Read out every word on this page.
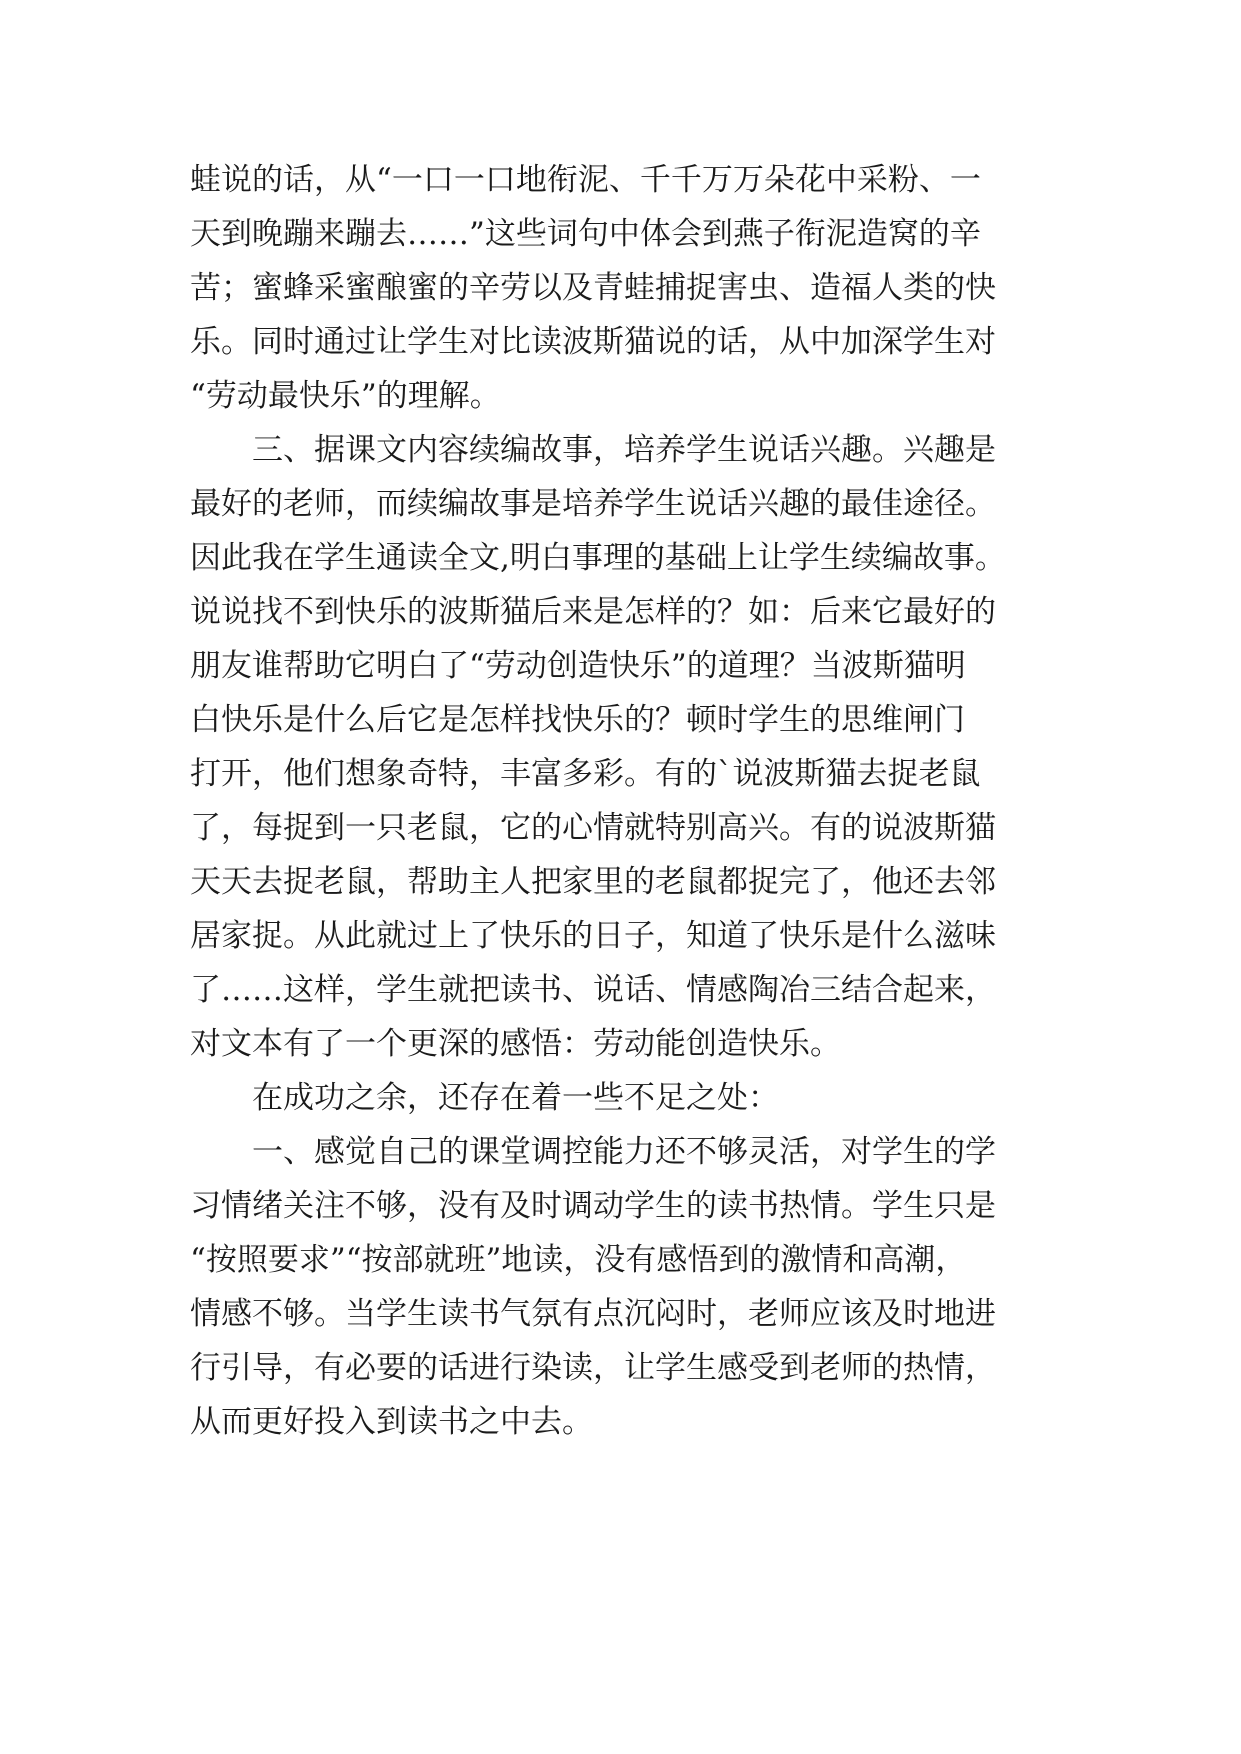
蛙说的话，从“一口一口地衔泥、千千万万朵花中采粉、一
天到晚蹦来蹦去……”这些词句中体会到燕子衔泥造窝的辛
苦；蜜蜂采蜜酿蜜的辛劳以及青蛙捕捉害虫、造福人类的快
乐。同时通过让学生对比读波斯猫说的话，从中加深学生对
“劳动最快乐”的理解。
三、据课文内容续编故事，培养学生说话兴趣。兴趣是
最好的老师，而续编故事是培养学生说话兴趣的最佳途径。
因此我在学生通读全文,明白事理的基础上让学生续编故事。
说说找不到快乐的波斯猫后来是怎样的？如：后来它最好的
朋友谁帮助它明白了“劳动创造快乐”的道理？当波斯猫明
白快乐是什么后它是怎样找快乐的？顿时学生的思维闸门
打开，他们想象奇特，丰富多彩。有的`说波斯猫去捉老鼠
了，每捉到一只老鼠，它的心情就特别高兴。有的说波斯猫
天天去捉老鼠，帮助主人把家里的老鼠都捉完了，他还去邻
居家捉。从此就过上了快乐的日子，知道了快乐是什么滋味
了……这样，学生就把读书、说话、情感陶冶三结合起来，
对文本有了一个更深的感悟：劳动能创造快乐。
在成功之余，还存在着一些不足之处：
一、感觉自己的课堂调控能力还不够灵活，对学生的学
习情绪关注不够，没有及时调动学生的读书热情。学生只是
“按照要求”“按部就班”地读，没有感悟到的激情和高潮，
情感不够。当学生读书气氛有点沉闷时，老师应该及时地进
行引导，有必要的话进行染读，让学生感受到老师的热情，
从而更好投入到读书之中去。
